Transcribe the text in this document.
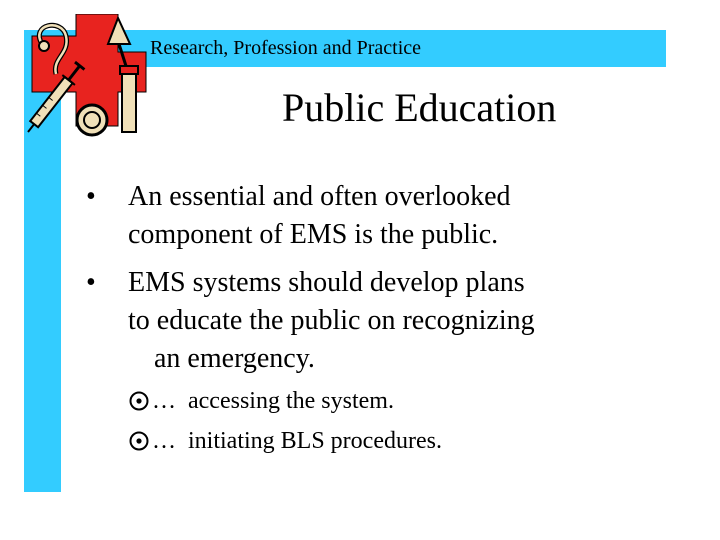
Research, Profession and Practice
Public Education
• An essential and often overlooked
component of EMS is the public.
• EMS systems should develop plans
to educate the public on recognizing
an emergency.
… accessing the system.
… initiating BLS procedures.
